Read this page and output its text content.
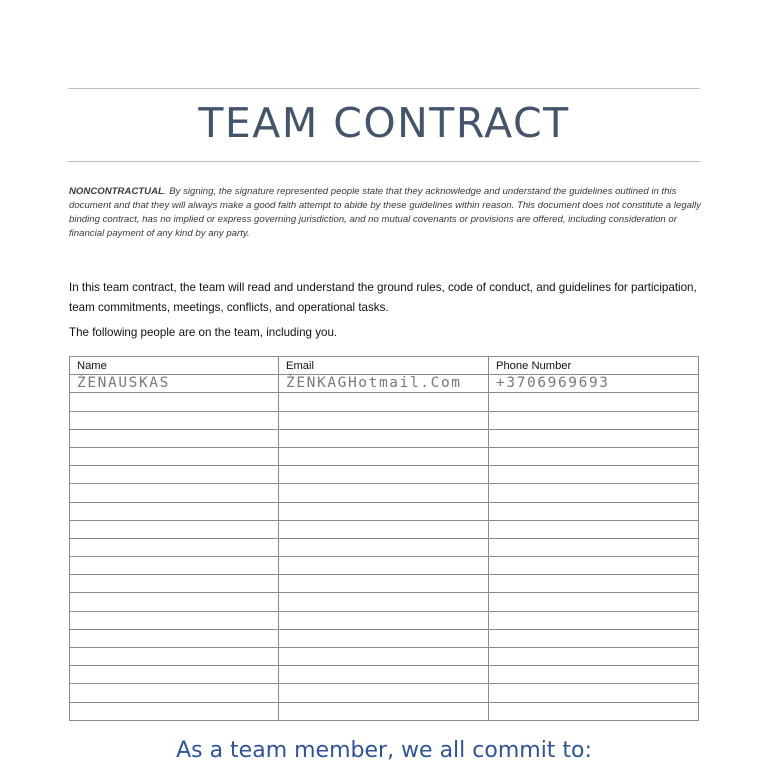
TEAM CONTRACT
NONCONTRACTUAL. By signing, the signature represented people state that they acknowledge and understand the guidelines outlined in this document and that they will always make a good faith attempt to abide by these guidelines within reason. This document does not constitute a legally binding contract, has no implied or express governing jurisdiction, and no mutual covenants or provisions are offered, including consideration or financial payment of any kind by any party.
In this team contract, the team will read and understand the ground rules, code of conduct, and guidelines for participation, team commitments, meetings, conflicts, and operational tasks.
The following people are on the team, including you.
Name	Email	Phone Number
ŽENAUSKAS	ŽENKAGHotmail.Com	+3706969693

As a team member, we all commit to:
